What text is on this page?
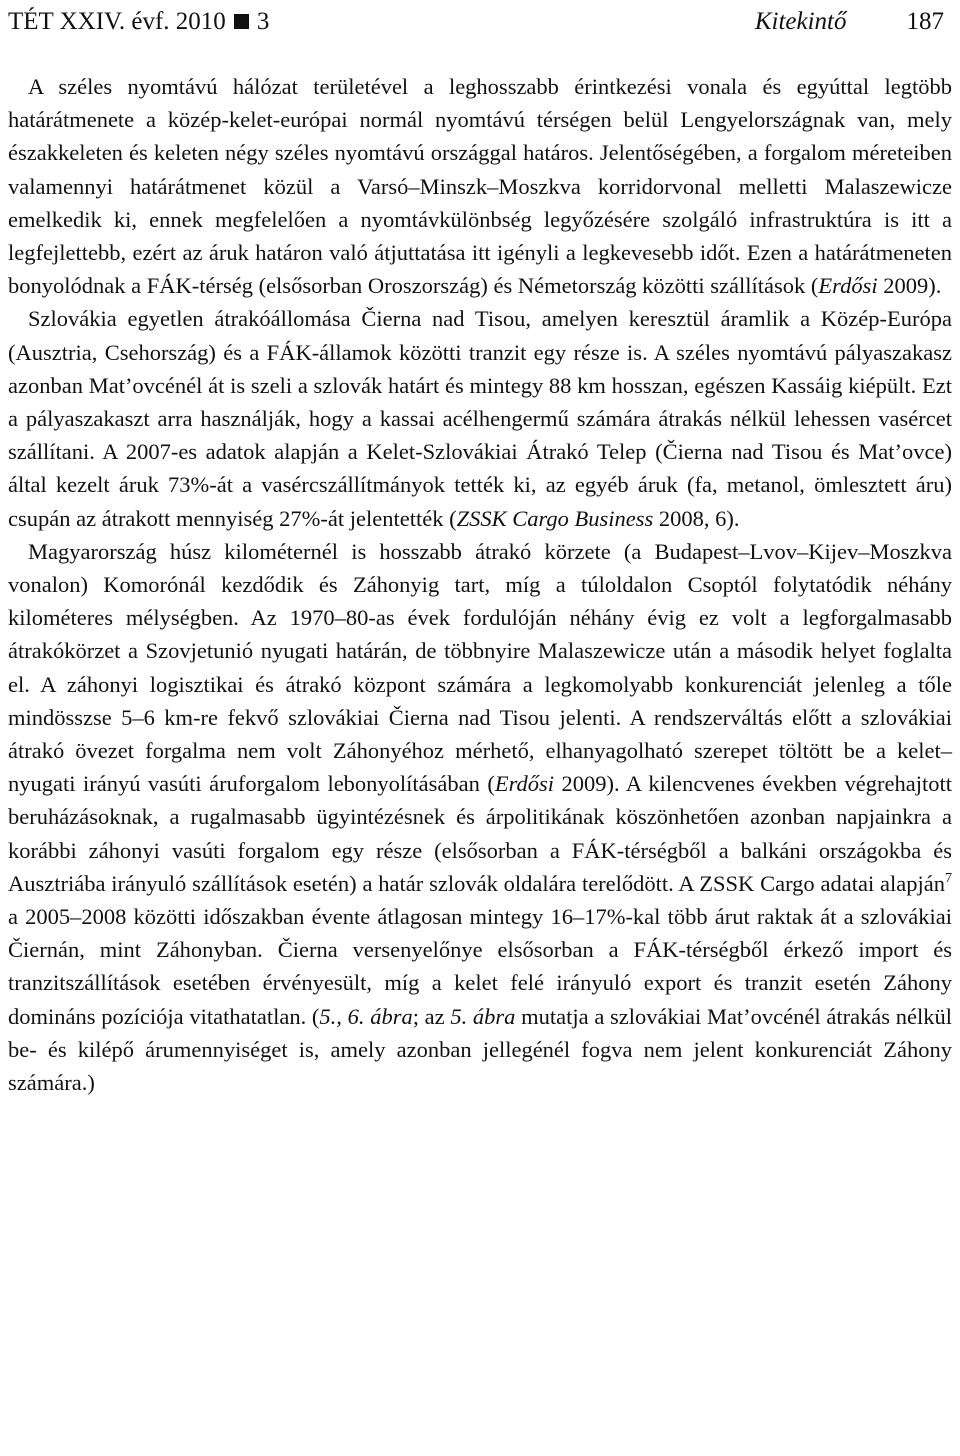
TÉT XXIV. évf. 2010 3	Kitekintő 187

A széles nyomtávú hálózat területével a leghosszabb érintkezési vonala és egyúttal legtöbb határátmenete a közép-kelet-európai normál nyomtávú térségen belül Lengyelországnak van, mely északkeleten és keleten négy széles nyomtávú országgal határos. Jelentőségében, a forgalom méreteiben valamennyi határátmenet közül a Varsó–Minszk–Moszkva korridorvonal melletti Malaszewicze emelkedik ki, ennek megfelelően a nyomtávkülönbség legyőzésére szolgáló infrastruktúra is itt a legfejlettebb, ezért az áruk határon való átjuttatása itt igényli a legkevesebb időt. Ezen a határátmeneten bonyolódnak a FÁK-térség (elsősorban Oroszország) és Németország közötti szállítások (Erdősi 2009).

Szlovákia egyetlen átrakóállomása Čierna nad Tisou, amelyen keresztül áramlik a Közép-Európa (Ausztria, Csehország) és a FÁK-államok közötti tranzit egy része is. A széles nyomtávú pályaszakasz azonban Mat’ovcénél át is szeli a szlovák határt és mintegy 88 km hosszan, egészen Kassáig kiépült. Ezt a pályaszakaszt arra használják, hogy a kassai acélhengermű számára átrakás nélkül lehessen vasércet szállítani. A 2007-es adatok alapján a Kelet-Szlovákiai Átrakó Telep (Čierna nad Tisou és Mat’ovce) által kezelt áruk 73%-át a vasércszállítmányok tették ki, az egyéb áruk (fa, metanol, ömlesztett áru) csupán az átrakott mennyiség 27%-át jelentették (ZSSK Cargo Business 2008, 6).

Magyarország húsz kilométernél is hosszabb átrakó körzete (a Budapest–Lvov–Kijev–Moszkva vonalon) Komorónál kezdődik és Záhonyig tart, míg a túloldalon Csoptól folytatódik néhány kilométeres mélységben. Az 1970–80-as évek fordulóján néhány évig ez volt a legforgalmasabb átrakókörzet a Szovjetunió nyugati határán, de többnyire Malaszewicze után a második helyet foglalta el. A záhonyi logisztikai és átrakó központ számára a legkomolyabb konkurenciát jelenleg a tőle mindösszse 5–6 km-re fekvő szlovákiai Čierna nad Tisou jelenti. A rendszerváltás előtt a szlovákiai átrakó övezet forgalma nem volt Záhonyéhoz mérhető, elhanyagolható szerepet töltött be a kelet–nyugati irányú vasúti áruforgalom lebonyolításában (Erdősi 2009). A kilencvenes években végrehajtott beruházásoknak, a rugalmasabb ügyintézésnek és árpolitikának köszönhetően azonban napjainkra a korábbi záhonyi vasúti forgalom egy része (elsősorban a FÁK-térségből a balkáni országokba és Ausztriába irányuló szállítások esetén) a határ szlovák oldalára terelődött. A ZSSK Cargo adatai alapján$^7$ a 2005–2008 közötti időszakban évente átlagosan mintegy 16–17%-kal több árut raktak át a szlovákiai Čiernán, mint Záhonyban. Čierna versenyelőnye elsősorban a FÁK-térségből érkező import és tranzitszállítások esetében érvényesült, míg a kelet felé irányuló export és tranzit esetén Záhony domináns pozíciója vitathatatlan. (5., 6. ábra; az 5. ábra mutatja a szlovákiai Mat’ovcénél átrakás nélkül be- és kilépő árumennyiséget is, amely azonban jellegénél fogva nem jelent konkurenciát Záhony számára.)
